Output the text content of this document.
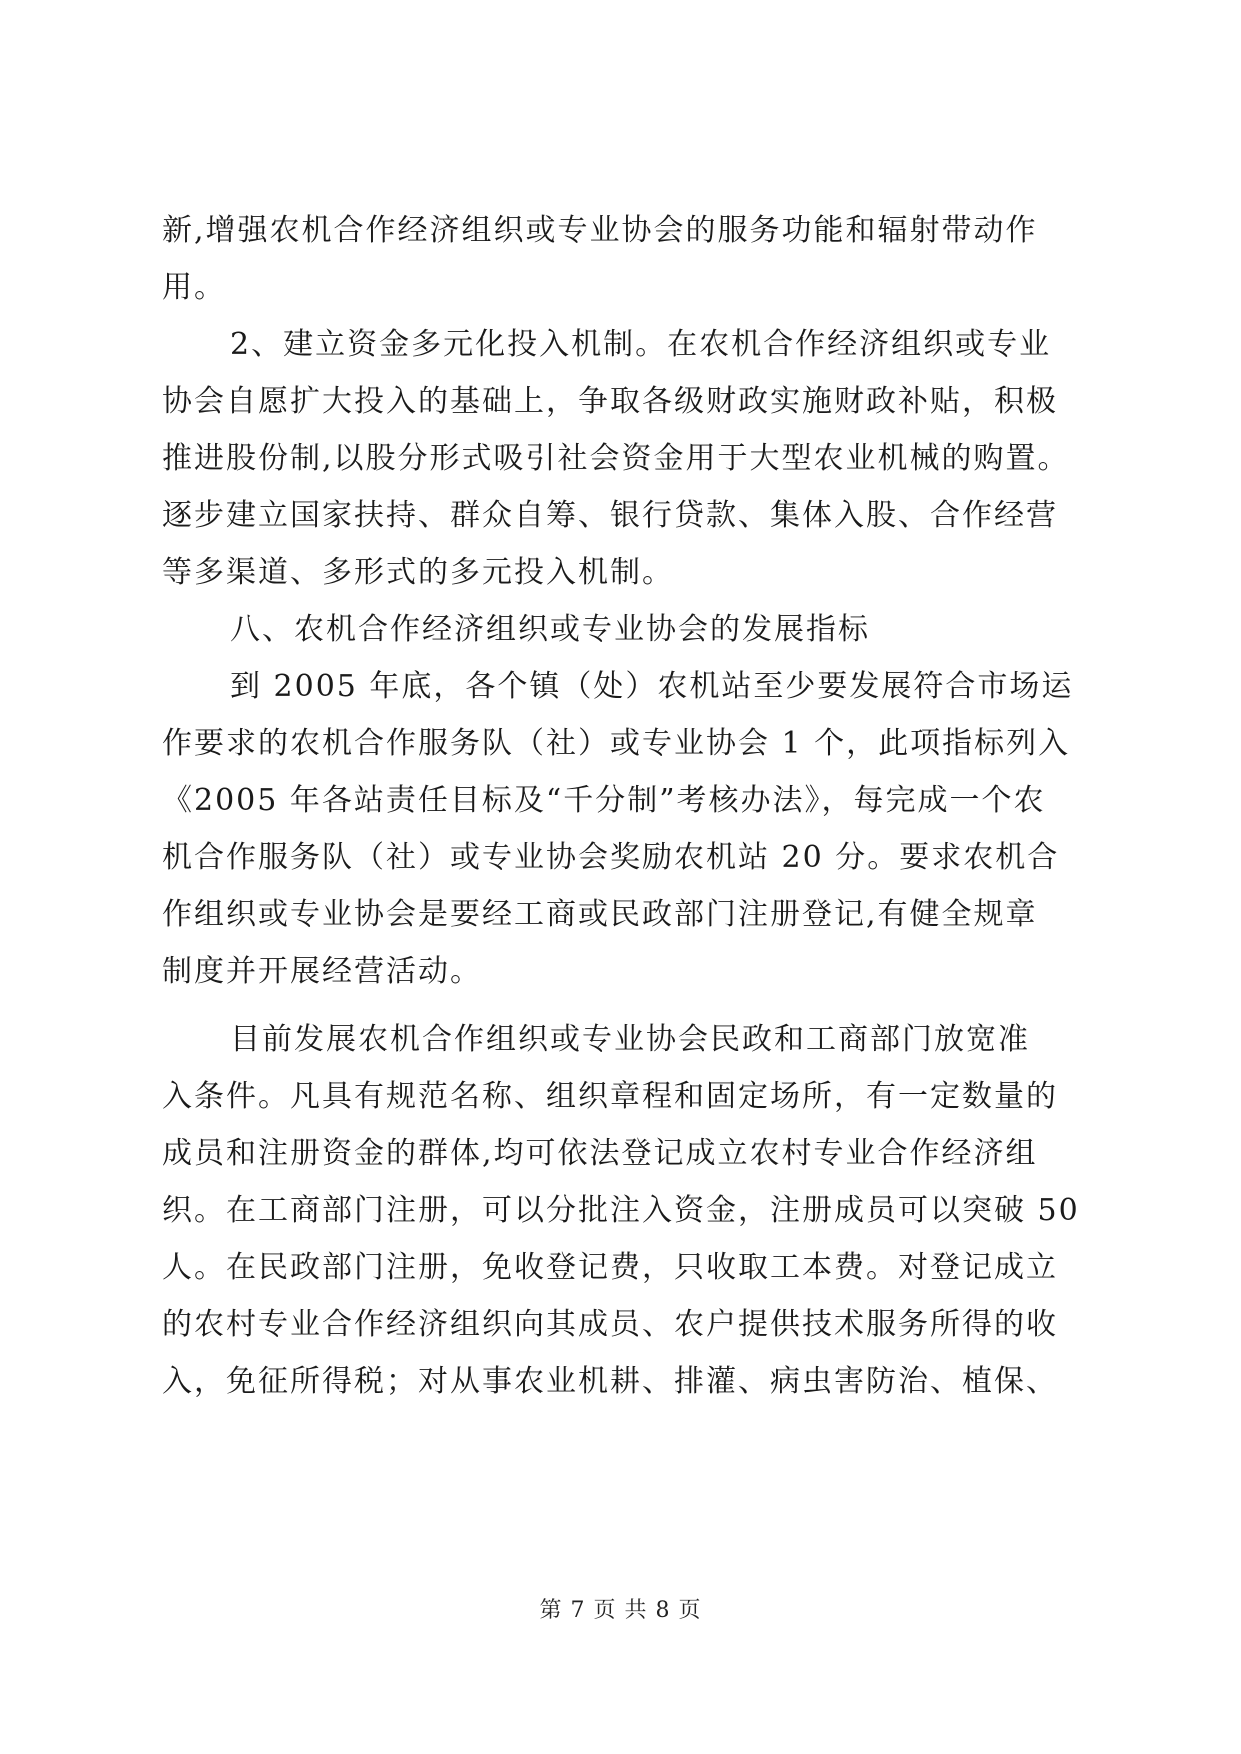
新,增强农机合作经济组织或专业协会的服务功能和辐射带动作
用。
2、建立资金多元化投入机制。在农机合作经济组织或专业
协会自愿扩大投入的基础上，争取各级财政实施财政补贴，积极
推进股份制,以股分形式吸引社会资金用于大型农业机械的购置。
逐步建立国家扶持、群众自筹、银行贷款、集体入股、合作经营
等多渠道、多形式的多元投入机制。
八、农机合作经济组织或专业协会的发展指标
到 2005 年底，各个镇（处）农机站至少要发展符合市场运
作要求的农机合作服务队（社）或专业协会 1 个，此项指标列入
《2005 年各站责任目标及“千分制”考核办法》，每完成一个农
机合作服务队（社）或专业协会奖励农机站 20 分。要求农机合
作组织或专业协会是要经工商或民政部门注册登记,有健全规章
制度并开展经营活动。
目前发展农机合作组织或专业协会民政和工商部门放宽准
入条件。凡具有规范名称、组织章程和固定场所，有一定数量的
成员和注册资金的群体,均可依法登记成立农村专业合作经济组
织。在工商部门注册，可以分批注入资金，注册成员可以突破 50
人。在民政部门注册，免收登记费，只收取工本费。对登记成立
的农村专业合作经济组织向其成员、农户提供技术服务所得的收
入，免征所得税；对从事农业机耕、排灌、病虫害防治、植保、
第 7 页 共 8 页
